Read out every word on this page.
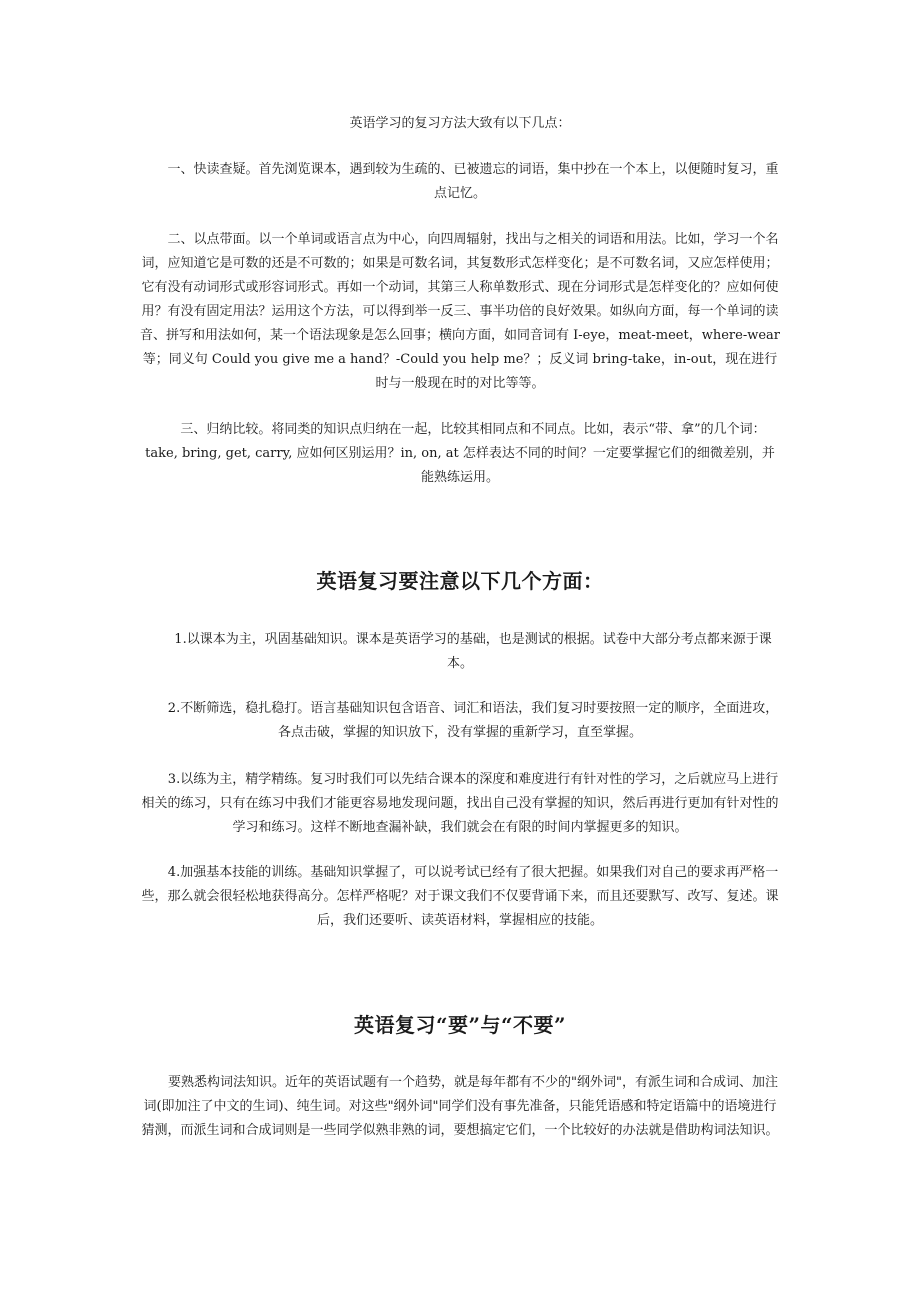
英语学习的复习方法大致有以下几点：

一、快读查疑。首先浏览课本，遇到较为生疏的、已被遗忘的词语，集中抄在一个本上，以便随时复习，重点记忆。

二、以点带面。以一个单词或语言点为中心，向四周辐射，找出与之相关的词语和用法。比如，学习一个名词，应知道它是可数的还是不可数的；如果是可数名词，其复数形式怎样变化；是不可数名词，又应怎样使用；它有没有动词形式或形容词形式。再如一个动词，其第三人称单数形式、现在分词形式是怎样变化的？应如何使用？有没有固定用法？运用这个方法，可以得到举一反三、事半功倍的良好效果。如纵向方面，每一个单词的读音、拼写和用法如何，某一个语法现象是怎么回事；横向方面，如同音词有 I-eye，meat-meet，where-wear 等；同义句 Could you give me a hand？-Could you help me？；反义词 bring-take，in-out，现在进行时与一般现在时的对比等等。

三、归纳比较。将同类的知识点归纳在一起，比较其相同点和不同点。比如，表示“带、拿”的几个词：take, bring, get, carry, 应如何区别运用？in, on, at 怎样表达不同的时间？一定要掌握它们的细微差别，并能熟练运用。

英语复习要注意以下几个方面：

1.以课本为主，巩固基础知识。课本是英语学习的基础，也是测试的根据。试卷中大部分考点都来源于课本。

2.不断筛选，稳扎稳打。语言基础知识包含语音、词汇和语法，我们复习时要按照一定的顺序，全面进攻，各点击破，掌握的知识放下，没有掌握的重新学习，直至掌握。

3.以练为主，精学精练。复习时我们可以先结合课本的深度和难度进行有针对性的学习，之后就应马上进行相关的练习，只有在练习中我们才能更容易地发现问题，找出自己没有掌握的知识，然后再进行更加有针对性的学习和练习。这样不断地查漏补缺，我们就会在有限的时间内掌握更多的知识。

4.加强基本技能的训练。基础知识掌握了，可以说考试已经有了很大把握。如果我们对自己的要求再严格一些，那么就会很轻松地获得高分。怎样严格呢？对于课文我们不仅要背诵下来，而且还要默写、改写、复述。课后，我们还要听、读英语材料，掌握相应的技能。

英语复习“要”与“不要”

要熟悉构词法知识。近年的英语试题有一个趋势，就是每年都有不少的"纲外词"，有派生词和合成词、加注词(即加注了中文的生词)、纯生词。对这些"纲外词"同学们没有事先准备，只能凭语感和特定语篇中的语境进行猜测，而派生词和合成词则是一些同学似熟非熟的词，要想搞定它们，一个比较好的办法就是借助构词法知识。
